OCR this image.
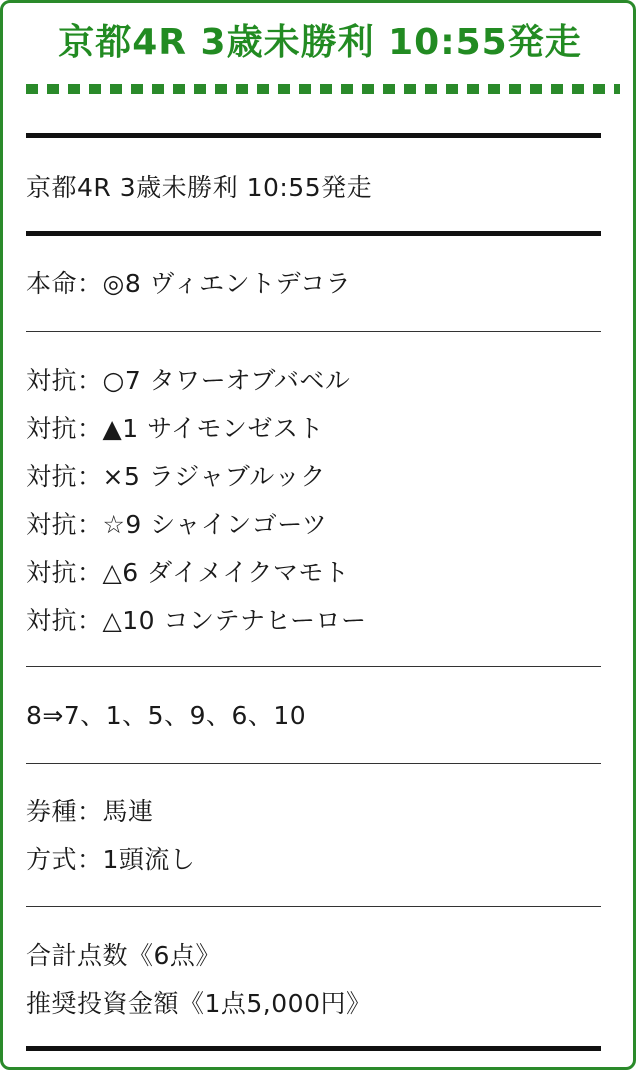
京都4R 3歳未勝利 10:55発走
京都4R 3歳未勝利 10:55発走
本命：◎8 ヴィエントデコラ
対抗：○7 タワーオブバベル
対抗：▲1 サイモンゼスト
対抗：×5 ラジャブルック
対抗：☆9 シャインゴーツ
対抗：△6 ダイメイクマモト
対抗：△10 コンテナヒーロー
8⇒7、1、5、9、6、10
券種：馬連
方式：1頭流し
合計点数《6点》
推奨投資金額《1点5,000円》
